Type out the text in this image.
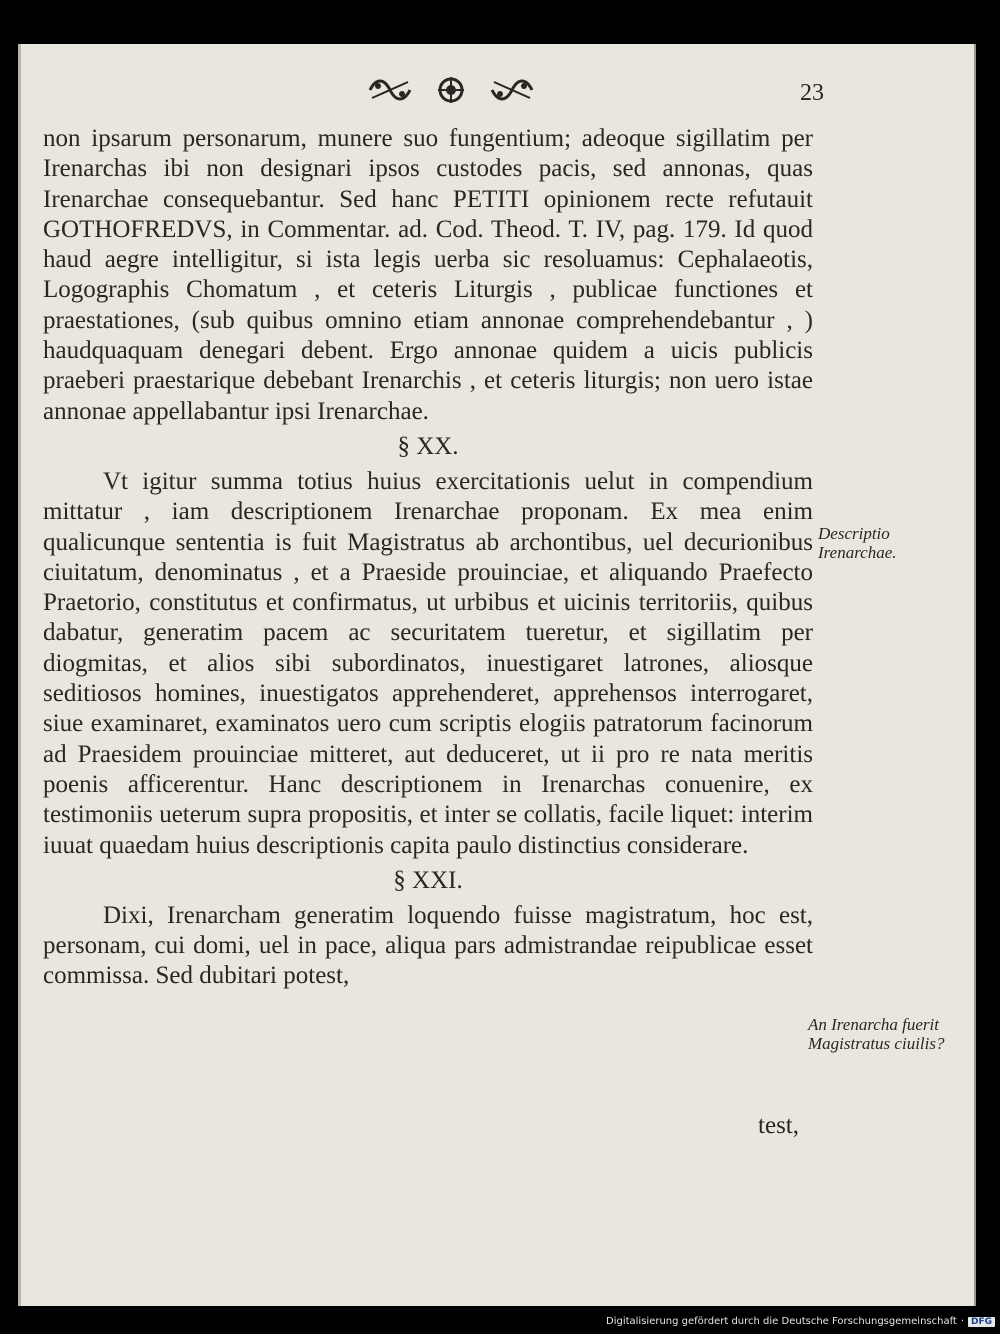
23

non ipsarum personarum, munere suo fungentium; adeoque sigillatim per Irenarchas ibi non designari ipsos custodes pacis, sed annonas, quas Irenarchae consequebantur. Sed hanc PETITI opinionem recte refutauit GOTHOFREDVS, in Commentar. ad. Cod. Theod. T. IV, pag. 179. Id quod haud aegre intelligitur, si ista legis uerba sic resoluamus: Cephalaeotis, Logographis Chomatum , et ceteris Liturgis , publicae functiones et praestationes, (sub quibus omnino etiam annonae comprehendebantur , ) haudquaquam denegari debent. Ergo annonae quidem a uicis publicis praeberi praestarique debebant Irenarchis , et ceteris liturgis; non uero istae annonae appellabantur ipsi Irenarchae.

§ XX.

Vt igitur summa totius huius exercitationis uelut in compendium mittatur , iam descriptionem Irenarchae proponam. Ex mea enim qualicunque sententia is fuit Magistratus ab archontibus, uel decurionibus ciuitatum, denominatus , et a Praeside prouinciae, et aliquando Praefecto Praetorio, constitutus et confirmatus, ut urbibus et uicinis territoriis, quibus dabatur, generatim pacem ac securitatem tueretur, et sigillatim per diogmitas, et alios sibi subordinatos, inuestigaret latrones, aliosque seditiosos homines, inuestigatos apprehenderet, apprehensos interrogaret, siue examinaret, examinatos uero cum scriptis elogiis patratorum facinorum ad Praesidem prouinciae mitteret, aut deduceret, ut ii pro re nata meritis poenis afficerentur. Hanc descriptionem in Irenarchas conuenire, ex testimoniis ueterum supra propositis, et inter se collatis, facile liquet: interim iuuat quaedam huius descriptionis capita paulo distinctius considerare.

§ XXI.

Dixi, Irenarcham generatim loquendo fuisse magistratum, hoc est, personam, cui domi, uel in pace, aliqua pars admistrandae reipublicae esset commissa. Sed dubitari potest,

Descriptio Irenarchae.
An Irenarcha fuerit Magistratus ciuilis?
test,
Digitalisierung gefördert durch die Deutsche Forschungsgemeinschaft · DFG
